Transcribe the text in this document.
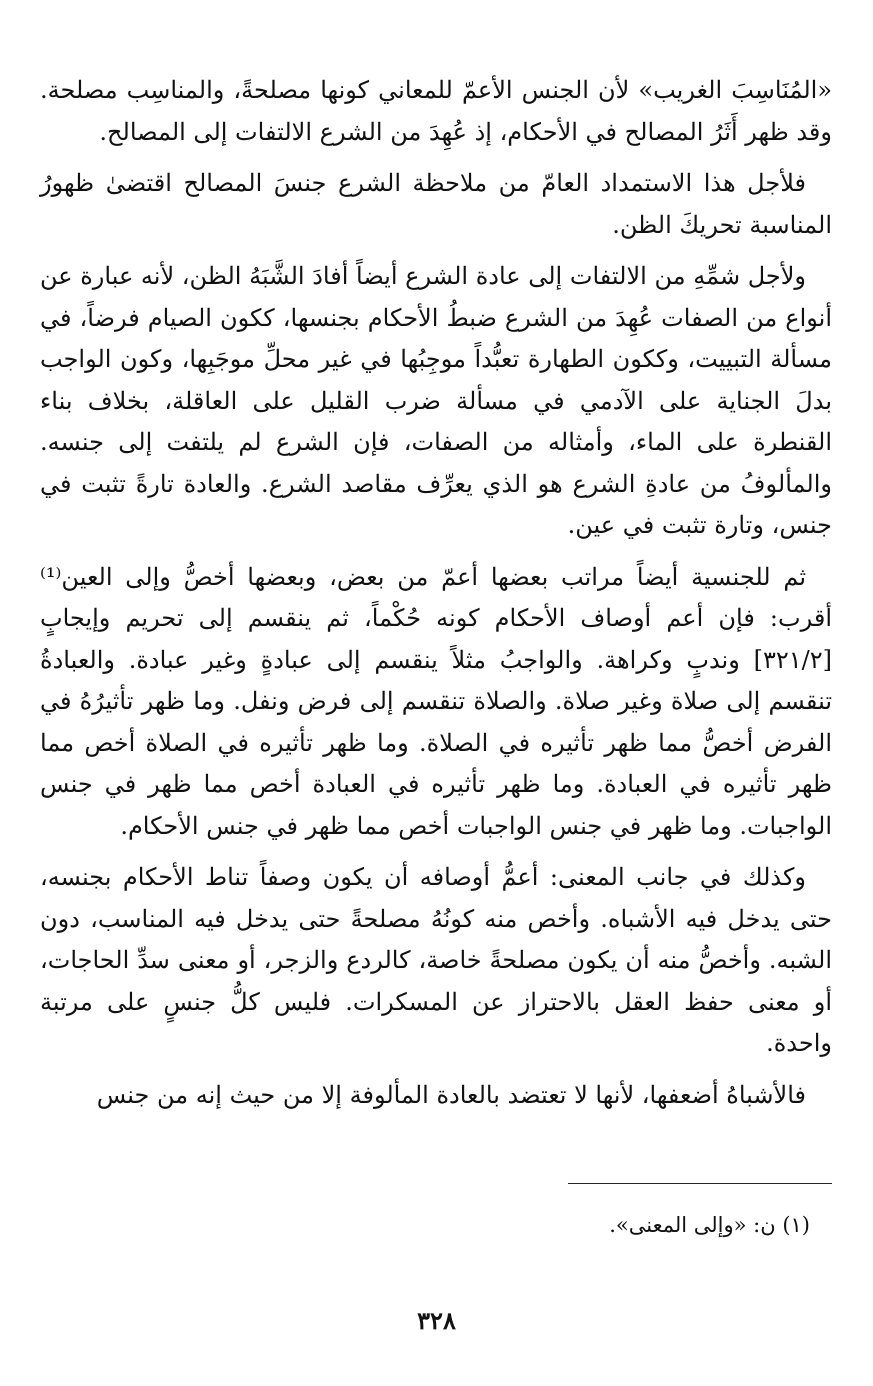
«المُنَاسِبَ الغريب» لأن الجنس الأعمّ للمعاني كونها مصلحةً، والمناسِب مصلحة. وقد ظهر أَثَرُ المصالح في الأحكام، إذ عُهِدَ من الشرع الالتفات إلى المصالح.

فلأجل هذا الاستمداد العامّ من ملاحظة الشرع جنسَ المصالح اقتضىٰ ظهورُ المناسبة تحريكَ الظن.

ولأجل شمِّهِ من الالتفات إلى عادة الشرع أيضاً أفادَ الشَّبَهُ الظن، لأنه عبارة عن أنواع من الصفات عُهِدَ من الشرع ضبطُ الأحكام بجنسها، ككون الصيام فرضاً، في مسألة التبييت، وككون الطهارة تعبُّداً موجِبُها في غير محلِّ موجَبِها، وكون الواجب بدلَ الجناية على الآدمي في مسألة ضرب القليل على العاقلة، بخلاف بناء القنطرة على الماء، وأمثاله من الصفات، فإن الشرع لم يلتفت إلى جنسه. والمألوفُ من عادةِ الشرع هو الذي يعرِّف مقاصد الشرع. والعادة تارةً تثبت في جنس، وتارة تثبت في عين.

ثم للجنسية أيضاً مراتب بعضها أعمّ من بعض، وبعضها أخصُّ وإلى العين⁽¹⁾ أقرب: فإن أعم أوصاف الأحكام كونه حُكْماً، ثم ينقسم إلى تحريم وإيجابٍ [٣٢١/٢] وندبٍ وكراهة. والواجبُ مثلاً ينقسم إلى عبادةٍ وغير عبادة. والعبادةُ تنقسم إلى صلاة وغير صلاة. والصلاة تنقسم إلى فرض ونفل. وما ظهر تأثيرُهُ في الفرض أخصُّ مما ظهر تأثيره في الصلاة. وما ظهر تأثيره في الصلاة أخص مما ظهر تأثيره في العبادة. وما ظهر تأثيره في العبادة أخص مما ظهر في جنس الواجبات. وما ظهر في جنس الواجبات أخص مما ظهر في جنس الأحكام.

وكذلك في جانب المعنى: أعمُّ أوصافه أن يكون وصفاً تناط الأحكام بجنسه، حتى يدخل فيه الأشباه. وأخص منه كونُهُ مصلحةً حتى يدخل فيه المناسب، دون الشبه. وأخصُّ منه أن يكون مصلحةً خاصة، كالردع والزجر، أو معنى سدِّ الحاجات، أو معنى حفظ العقل بالاحتراز عن المسكرات. فليس كلُّ جنسٍ على مرتبة واحدة.

فالأشباهُ أضعفها، لأنها لا تعتضد بالعادة المألوفة إلا من حيث إنه من جنس

(١) ن: «وإلى المعنى».
٣٢٨
